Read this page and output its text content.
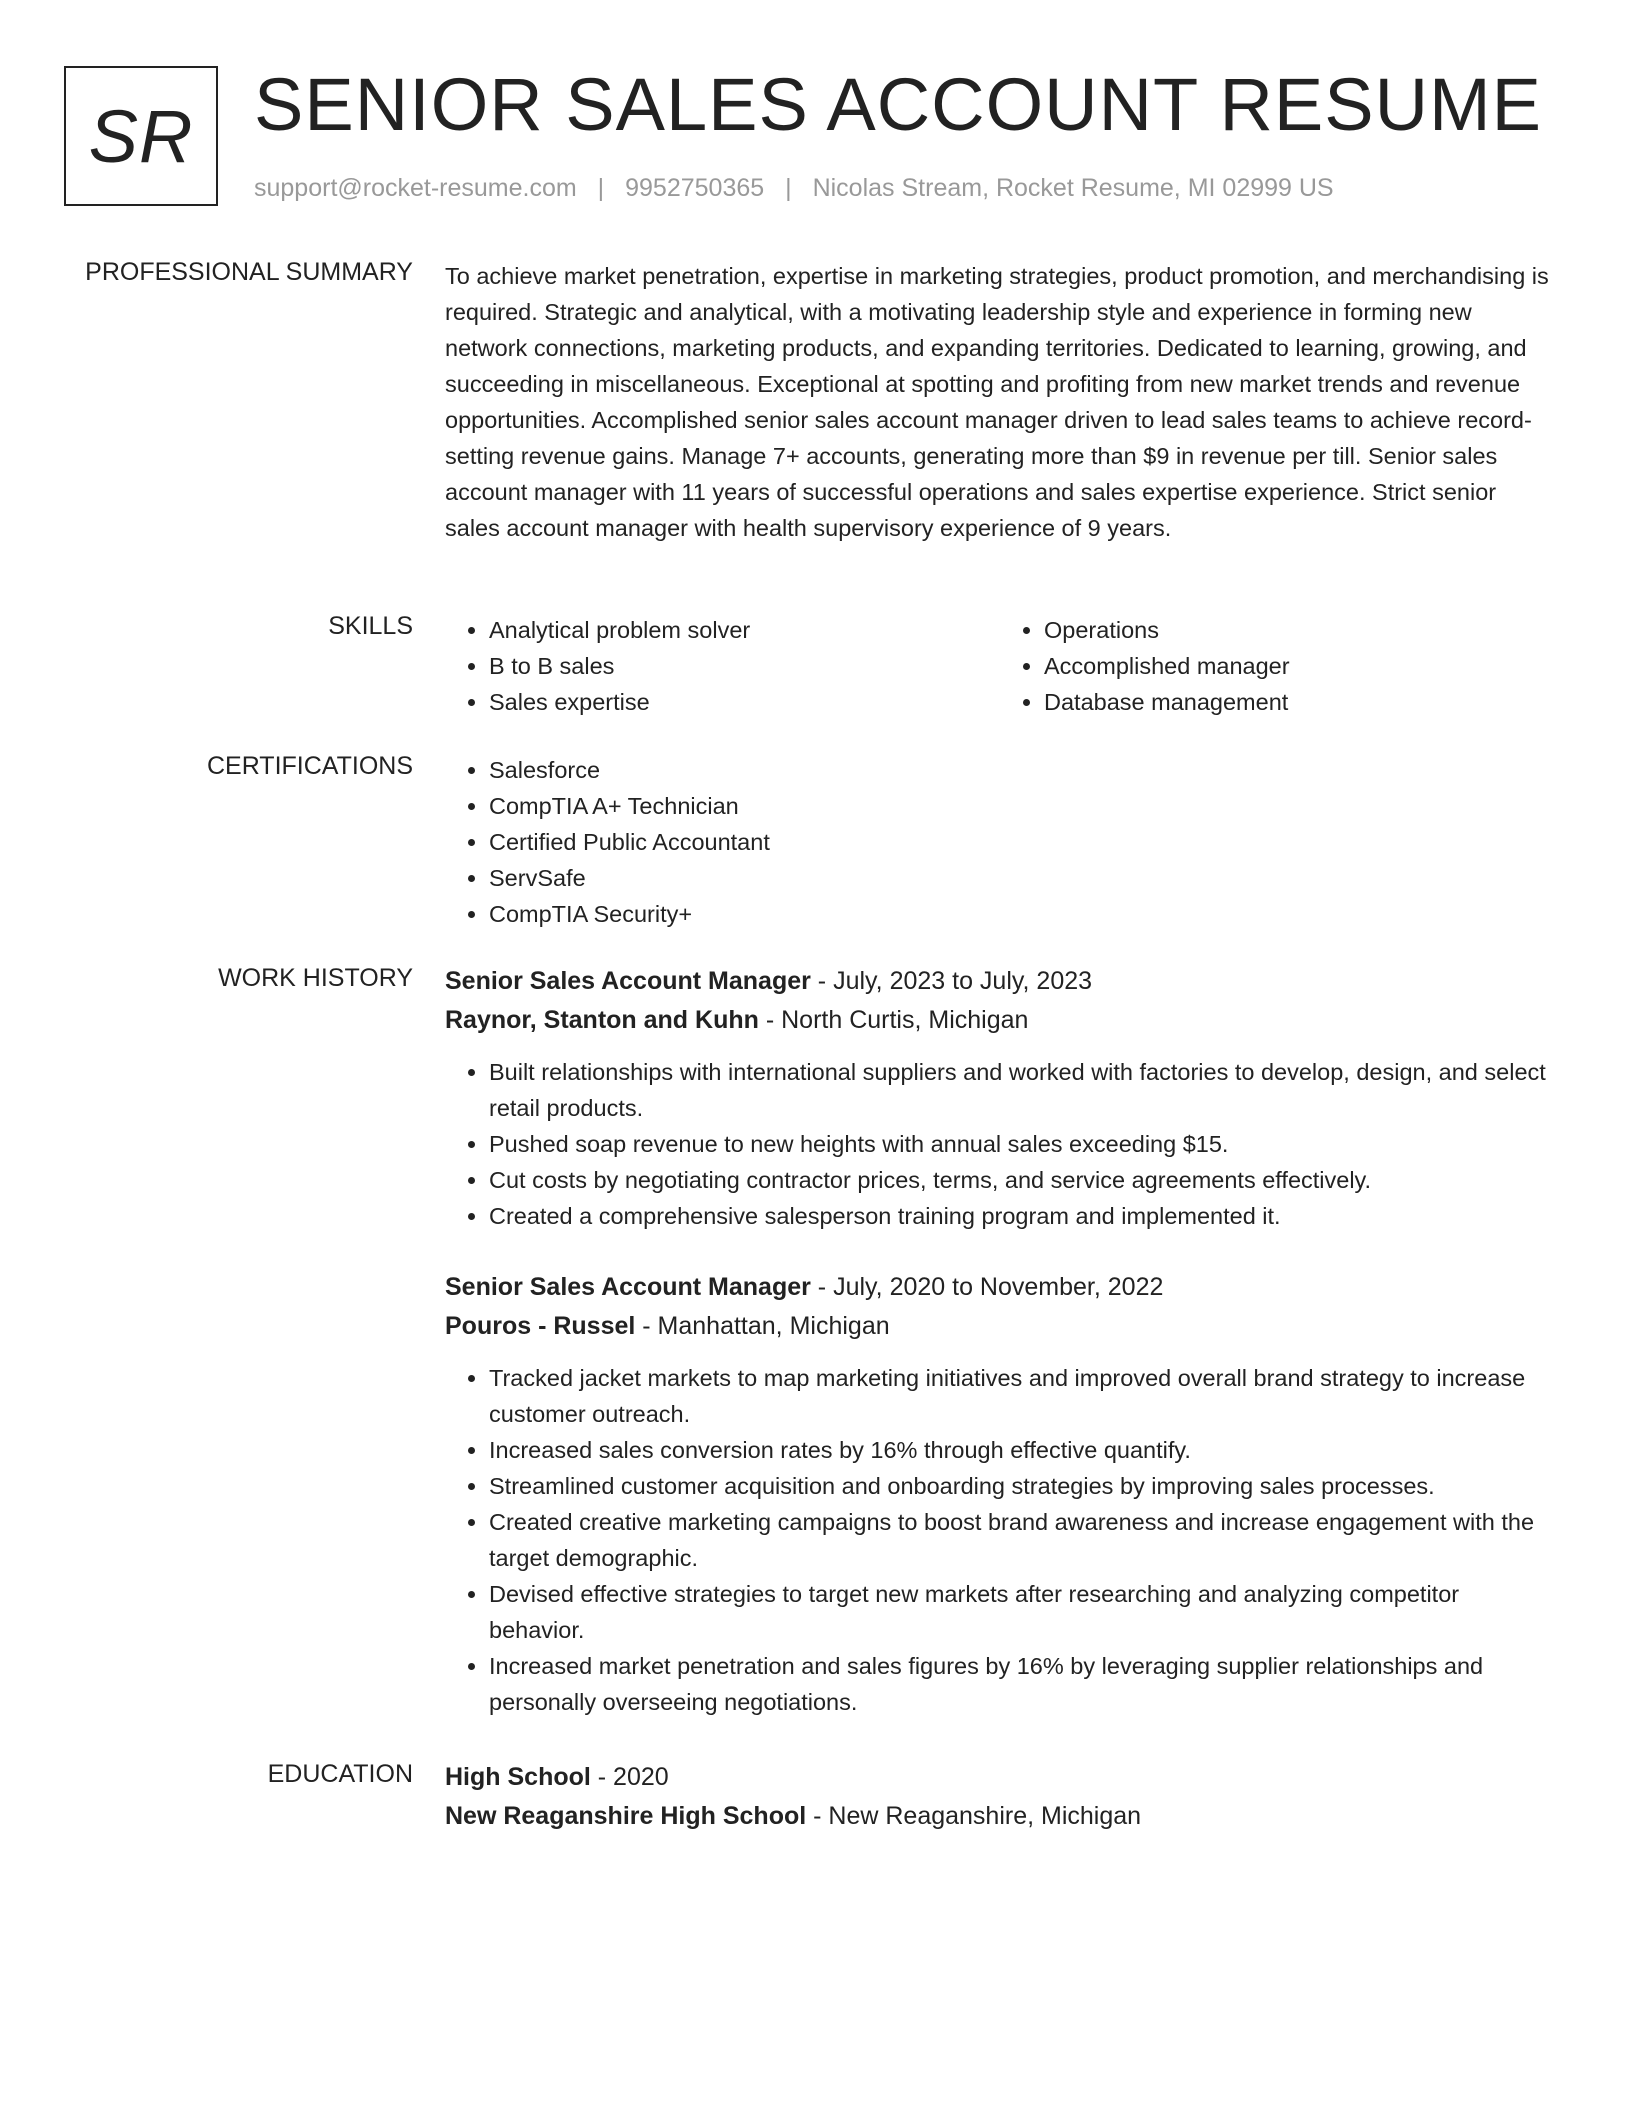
SR SENIOR SALES ACCOUNT RESUME
support@rocket-resume.com | 9952750365 | Nicolas Stream, Rocket Resume, MI 02999 US
PROFESSIONAL SUMMARY To achieve market penetration, expertise in marketing strategies, product promotion, and merchandising is required. Strategic and analytical, with a motivating leadership style and experience in forming new network connections, marketing products, and expanding territories. Dedicated to learning, growing, and succeeding in miscellaneous. Exceptional at spotting and profiting from new market trends and revenue opportunities. Accomplished senior sales account manager driven to lead sales teams to achieve record-setting revenue gains. Manage 7+ accounts, generating more than $9 in revenue per till. Senior sales account manager with 11 years of successful operations and sales expertise experience. Strict senior sales account manager with health supervisory experience of 9 years.

SKILLS	• Analytical problem solver
• B to B sales
• Sales expertise
• Operations
• Accomplished manager
• Database management
CERTIFICATIONS	• Salesforce
• CompTIA A+ Technician
• Certified Public Accountant
• ServSafe
• CompTIA Security+
WORK HISTORY Senior Sales Account Manager - July, 2023 to July, 2023
Raynor, Stanton and Kuhn - North Curtis, Michigan
• Built relationships with international suppliers and worked with factories to develop, design, and select retail products.
• Pushed soap revenue to new heights with annual sales exceeding $15.
• Cut costs by negotiating contractor prices, terms, and service agreements effectively.
• Created a comprehensive salesperson training program and implemented it.
Senior Sales Account Manager - July, 2020 to November, 2022
Pouros - Russel - Manhattan, Michigan
• Tracked jacket markets to map marketing initiatives and improved overall brand strategy to increase customer outreach.
• Increased sales conversion rates by 16% through effective quantify.
• Streamlined customer acquisition and onboarding strategies by improving sales processes.
• Created creative marketing campaigns to boost brand awareness and increase engagement with the target demographic.
• Devised effective strategies to target new markets after researching and analyzing competitor behavior.
• Increased market penetration and sales figures by 16% by leveraging supplier relationships and personally overseeing negotiations.
EDUCATION High School - 2020
New Reaganshire High School - New Reaganshire, Michigan
